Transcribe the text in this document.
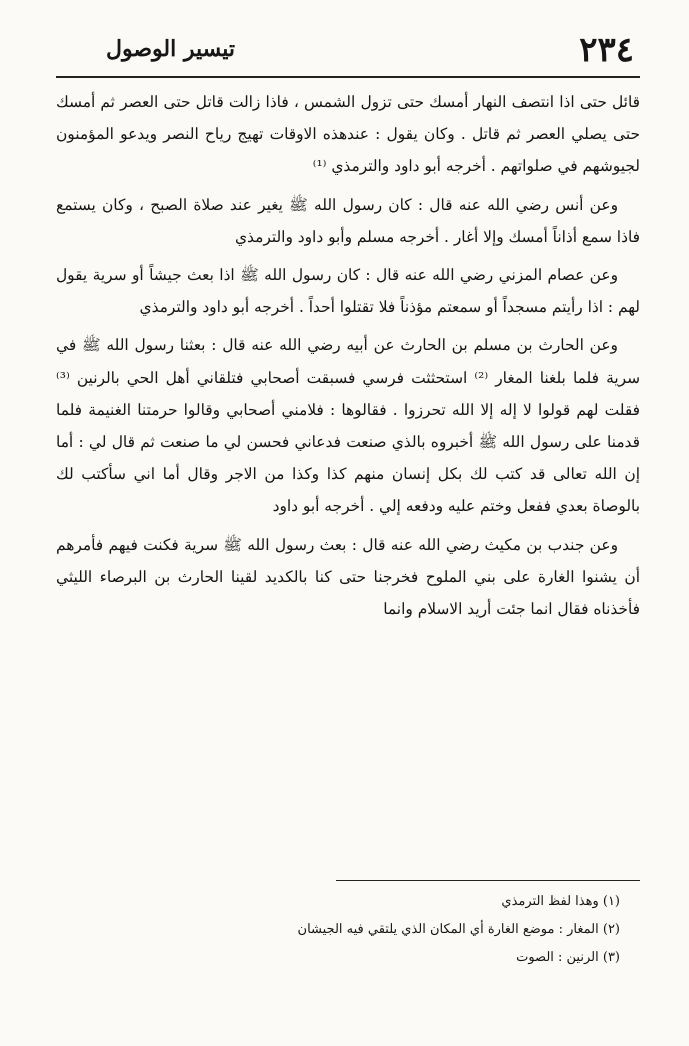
٢٣٤
تيسير الوصول

قائل حتى اذا انتصف النهار أمسك حتى تزول الشمس ، فاذا زالت قاتل حتى العصر ثم أمسك حتى يصلي العصر ثم قاتل . وكان يقول : عندهذه الاوقات تهيج رياح النصر ويدعو المؤمنون لجيوشهم في صلواتهم . أخرجه أبو داود والترمذي ⁽¹⁾

وعن أنس رضي الله عنه قال : كان رسول الله ﷺ يغير عند صلاة الصبح ، وكان يستمع فاذا سمع أذاناً أمسك وإلا أغار . أخرجه مسلم وأبو داود والترمذي

وعن عصام المزني رضي الله عنه قال : كان رسول الله ﷺ اذا بعث جيشاً أو سرية يقول لهم : اذا رأيتم مسجداً أو سمعتم مؤذناً فلا تقتلوا أحداً . أخرجه أبو داود والترمذي

وعن الحارث بن مسلم بن الحارث عن أبيه رضي الله عنه قال : بعثنا رسول الله ﷺ في سرية فلما بلغنا المغار ⁽²⁾ استحثثت فرسي فسبقت أصحابي فتلقاني أهل الحي بالرنين ⁽³⁾ فقلت لهم قولوا لا إله إلا الله تحرزوا . فقالوها : فلامني أصحابي وقالوا حرمتنا الغنيمة فلما قدمنا على رسول الله ﷺ أخبروه بالذي صنعت فدعاني فحسن لي ما صنعت ثم قال لي : أما إن الله تعالى قد كتب لك بكل إنسان منهم كذا وكذا من الاجر وقال أما اني سأكتب لك بالوصاة بعدي ففعل وختم عليه ودفعه إلي . أخرجه أبو داود

وعن جندب بن مكيث رضي الله عنه قال : بعث رسول الله ﷺ سرية فكنت فيهم فأمرهم أن يشنوا الغارة على بني الملوح فخرجنا حتى كنا بالكديد لقينا الحارث بن البرصاء الليثي فأخذناه فقال انما جئت أريد الاسلام وانما

(١) وهذا لفظ الترمذي

(٢) المغار : موضع الغارة أي المكان الذي يلتقي فيه الجيشان

(٣) الرنين : الصوت
